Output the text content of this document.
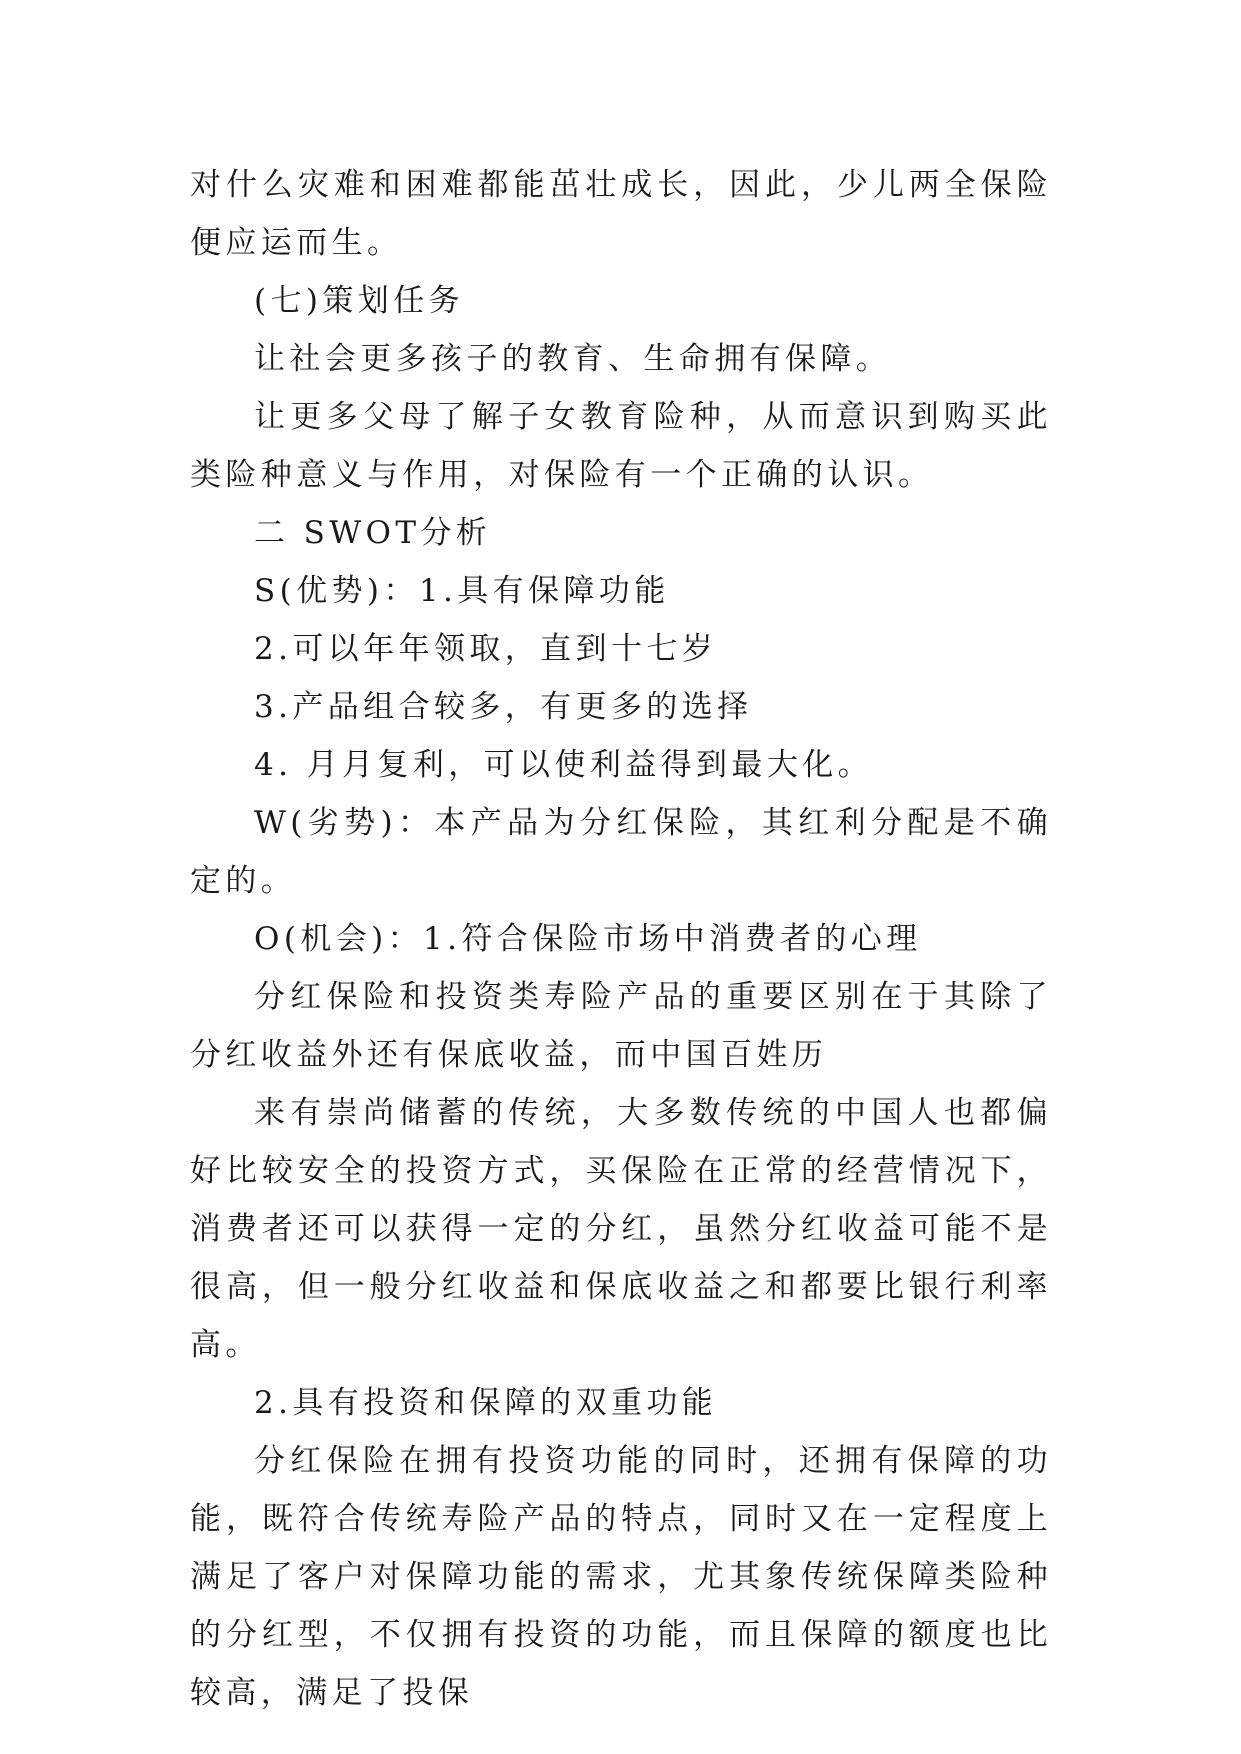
对什么灾难和困难都能茁壮成长，因此，少儿两全保险便应运而生。

(七)策划任务

让社会更多孩子的教育、生命拥有保障。

让更多父母了解子女教育险种，从而意识到购买此类险种意义与作用，对保险有一个正确的认识。

二 SWOT分析

S(优势)：1.具有保障功能

2.可以年年领取，直到十七岁

3.产品组合较多，有更多的选择

4. 月月复利，可以使利益得到最大化。

W(劣势)：本产品为分红保险，其红利分配是不确定的。

O(机会)：1.符合保险市场中消费者的心理

分红保险和投资类寿险产品的重要区别在于其除了分红收益外还有保底收益，而中国百姓历

来有崇尚储蓄的传统，大多数传统的中国人也都偏好比较安全的投资方式，买保险在正常的经营情况下，消费者还可以获得一定的分红，虽然分红收益可能不是很高，但一般分红收益和保底收益之和都要比银行利率高。

2.具有投资和保障的双重功能

分红保险在拥有投资功能的同时，还拥有保障的功能，既符合传统寿险产品的特点，同时又在一定程度上满足了客户对保障功能的需求，尤其象传统保障类险种的分红型，不仅拥有投资的功能，而且保障的额度也比较高，满足了投保
